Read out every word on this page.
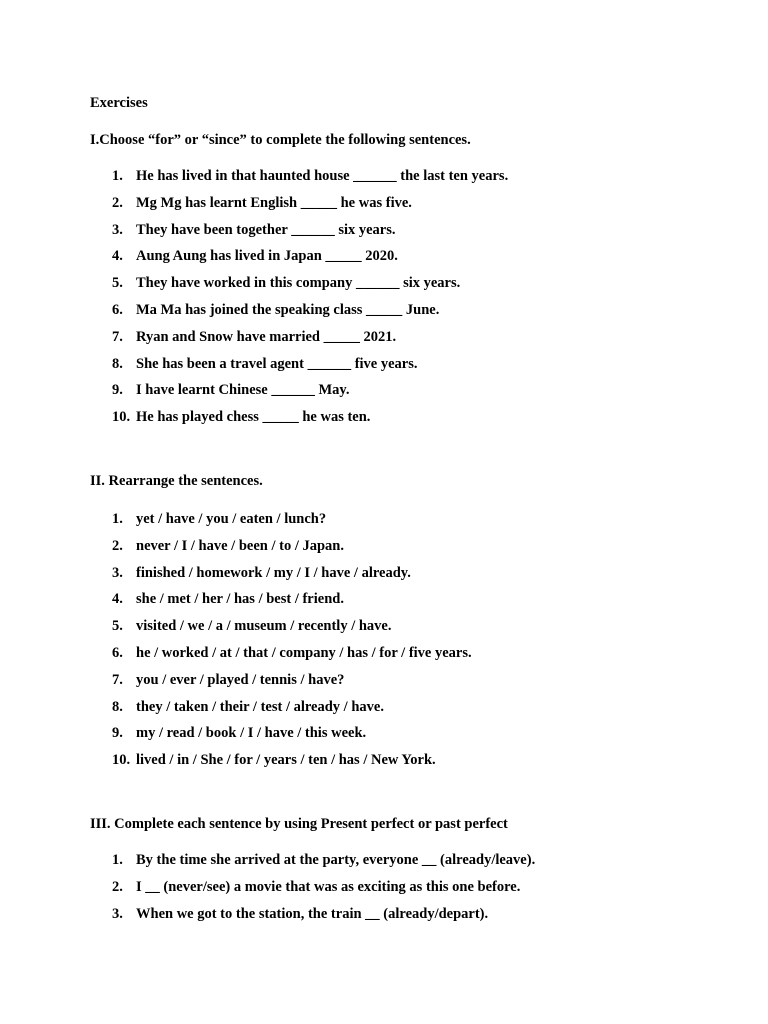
Exercises

I.Choose “for” or “since” to complete the following sentences.

1. He has lived in that haunted house ______ the last ten years.
2. Mg Mg has learnt English _____ he was five.
3. They have been together ______ six years.
4. Aung Aung has lived in Japan _____ 2020.
5. They have worked in this company ______ six years.
6. Ma Ma has joined the speaking class _____ June.
7. Ryan and Snow have married _____ 2021.
8. She has been a travel agent ______ five years.
9. I have learnt Chinese ______ May.
10. He has played chess _____ he was ten.

II. Rearrange the sentences.

1. yet / have / you / eaten / lunch?
2. never / I / have / been / to / Japan.
3. finished / homework / my / I / have / already.
4. she / met / her / has / best / friend.
5. visited / we / a / museum / recently / have.
6. he / worked / at / that / company / has / for / five years.
7. you / ever / played / tennis / have?
8. they / taken / their / test / already / have.
9. my / read / book / I / have / this week.
10. lived / in / She / for / years / ten / has / New York.

III. Complete each sentence by using Present perfect or past perfect

1. By the time she arrived at the party, everyone __ (already/leave).
2. I __ (never/see) a movie that was as exciting as this one before.
3. When we got to the station, the train __ (already/depart).
